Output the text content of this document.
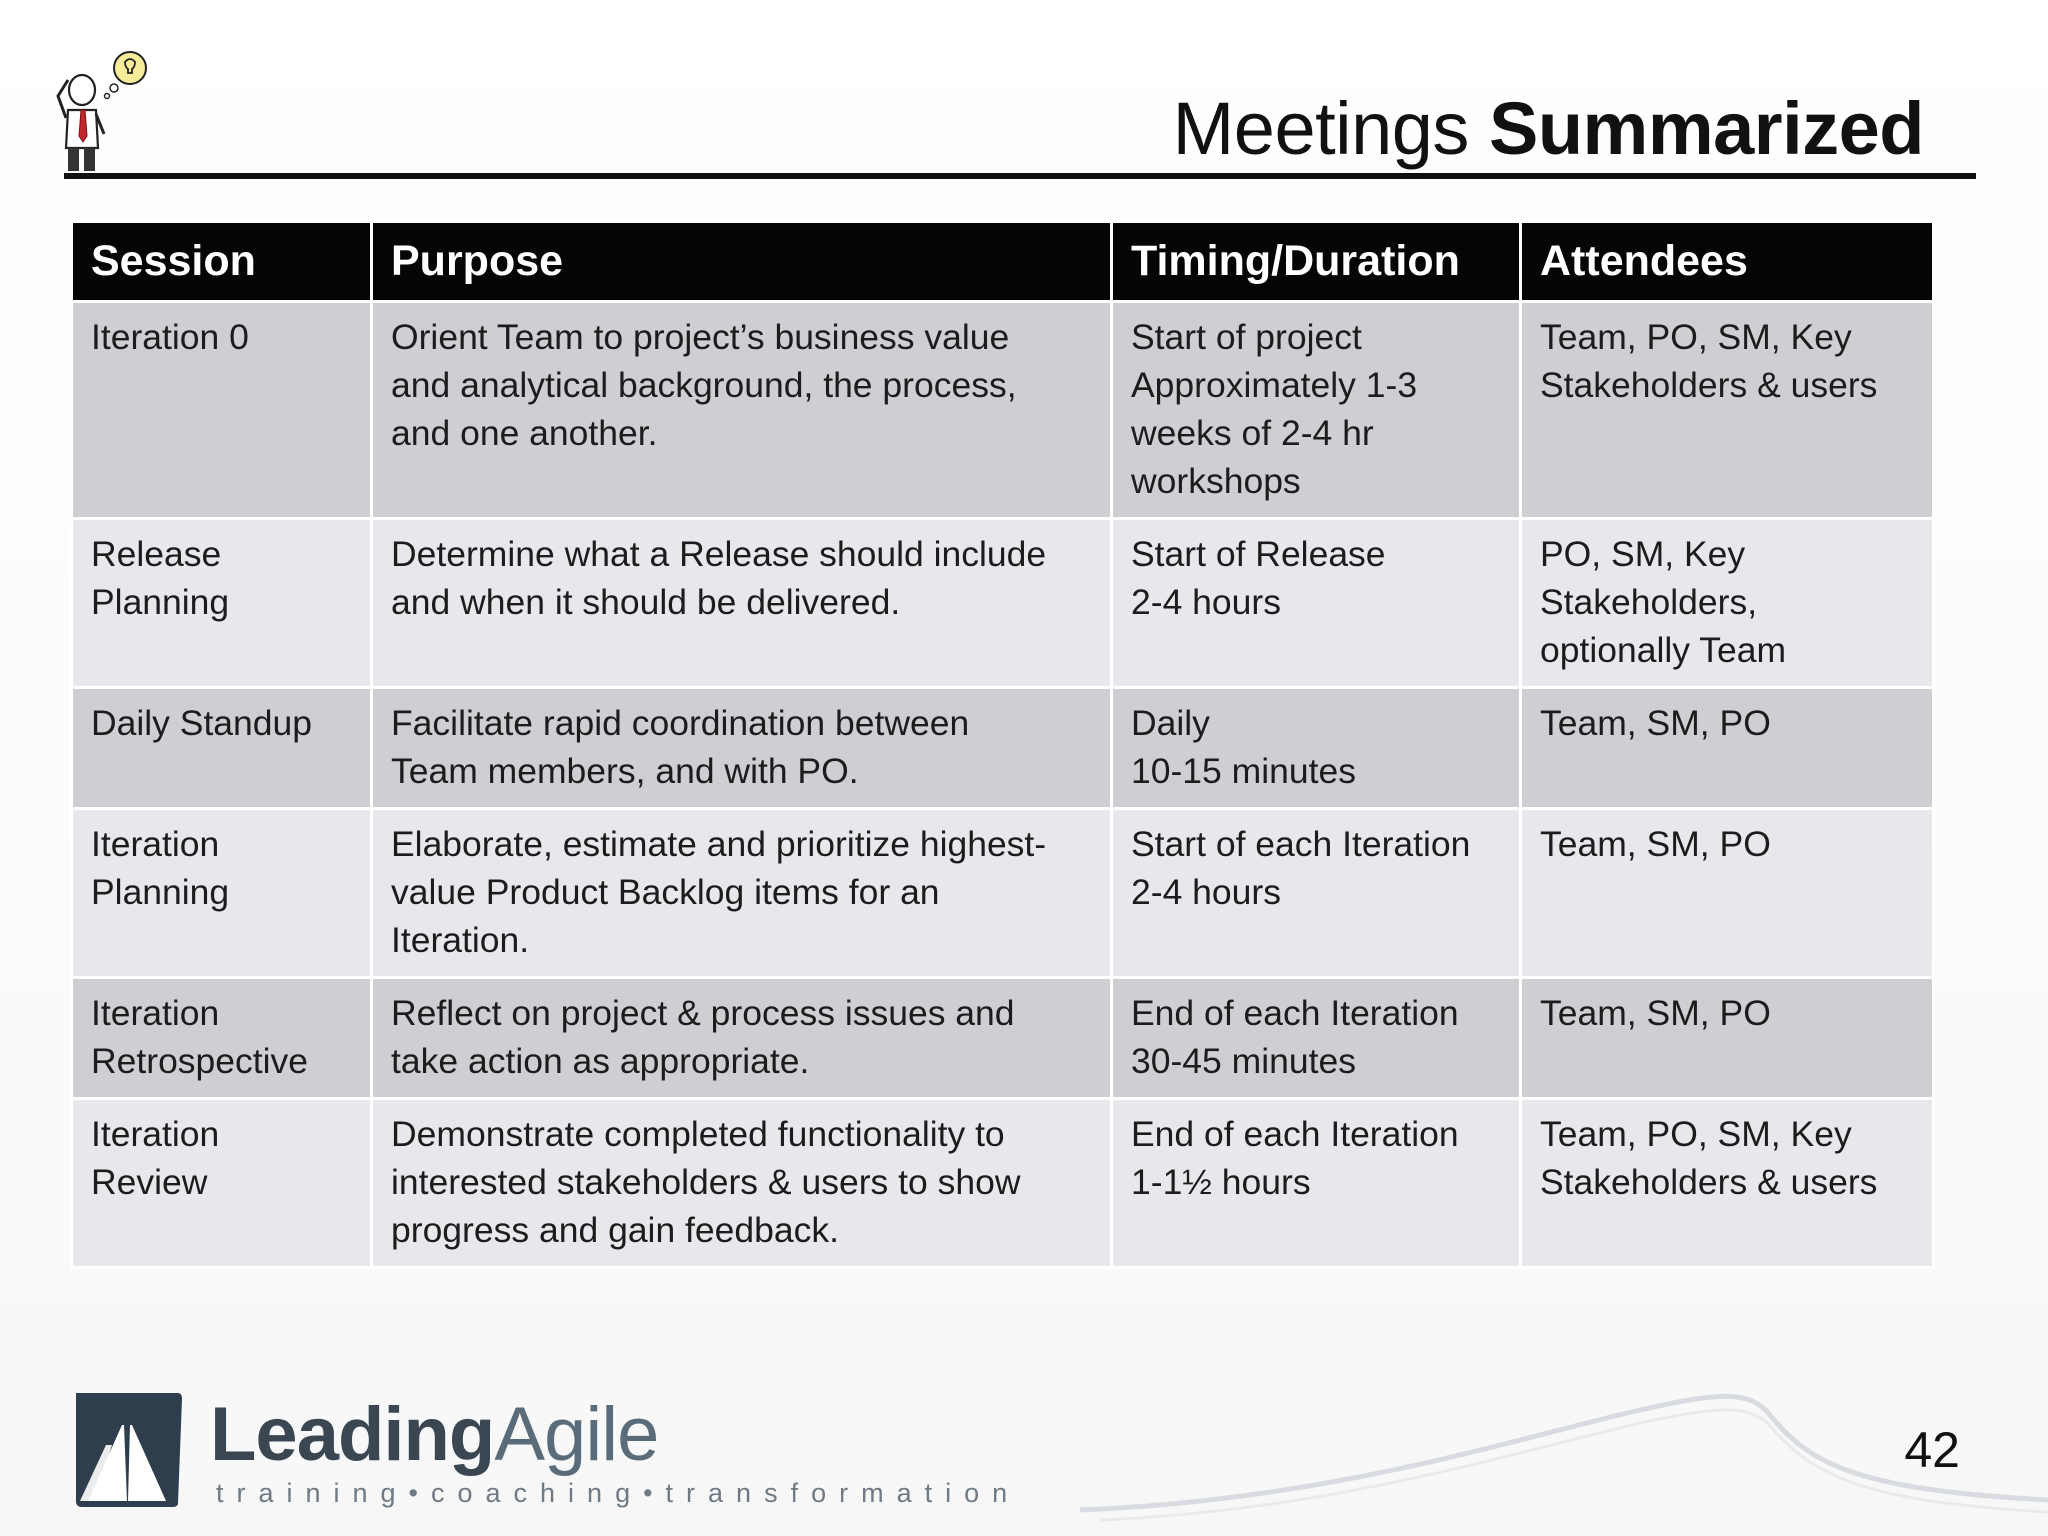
Meetings Summarized
Session	Purpose	Timing/Duration	Attendees

Iteration 0	Orient Team to project’s business value
and analytical background, the process,
and one another.	Start of project
Approximately 1-3
weeks of 2-4 hr
workshops	Team, PO, SM, Key
Stakeholders & users

Release
Planning	Determine what a Release should include
and when it should be delivered.	Start of Release
2-4 hours	PO, SM, Key
Stakeholders,
optionally Team

Daily Standup	Facilitate rapid coordination between
Team members, and with PO.	Daily
10-15 minutes	Team, SM, PO

Iteration
Planning	Elaborate, estimate and prioritize highest-
value Product Backlog items for an
Iteration.	Start of each Iteration
2-4 hours	Team, SM, PO

Iteration
Retrospective	Reflect on project & process issues and
take action as appropriate.	End of each Iteration
30-45 minutes	Team, SM, PO

Iteration
Review	Demonstrate completed functionality to
interested stakeholders & users to show
progress and gain feedback.	End of each Iteration
1-1½ hours	Team, PO, SM, Key
Stakeholders & users
LeadingAgile
training•coaching•transformation
42
